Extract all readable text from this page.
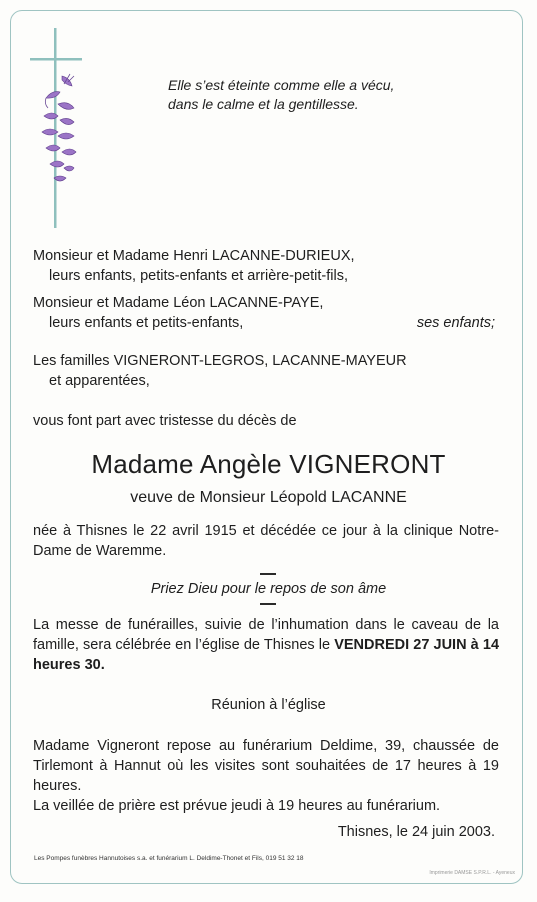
Elle s’est éteinte comme elle a vécu,
dans le calme et la gentillesse.
Monsieur et Madame Henri LACANNE-DURIEUX,
leurs enfants, petits-enfants et arrière-petit-fils,
Monsieur et Madame Léon LACANNE-PAYE,
leurs enfants et petits-enfants,	ses enfants;
Les familles VIGNERONT-LEGROS, LACANNE-MAYEUR
et apparentées,
vous font part avec tristesse du décès de
Madame Angèle VIGNERONT
veuve de Monsieur Léopold LACANNE
née à Thisnes le 22 avril 1915 et décédée ce jour à la clinique Notre-Dame de Waremme.
Priez Dieu pour le repos de son âme
La messe de funérailles, suivie de l’inhumation dans le caveau de la famille, sera célébrée en l’église de Thisnes le VENDREDI 27 JUIN à 14 heures 30.
Réunion à l’église
Madame Vigneront repose au funérarium Deldime, 39, chaussée de Tirlemont à Hannut où les visites sont souhaitées de 17 heures à 19 heures.
La veillée de prière est prévue jeudi à 19 heures au funérarium.
Thisnes, le 24 juin 2003.
Les Pompes funèbres Hannutoises s.a. et funérarium L. Deldime-Thonet et Fils, 019 51 32 18
Imprimerie DAMSE S.P.R.L. - Ayeneux
